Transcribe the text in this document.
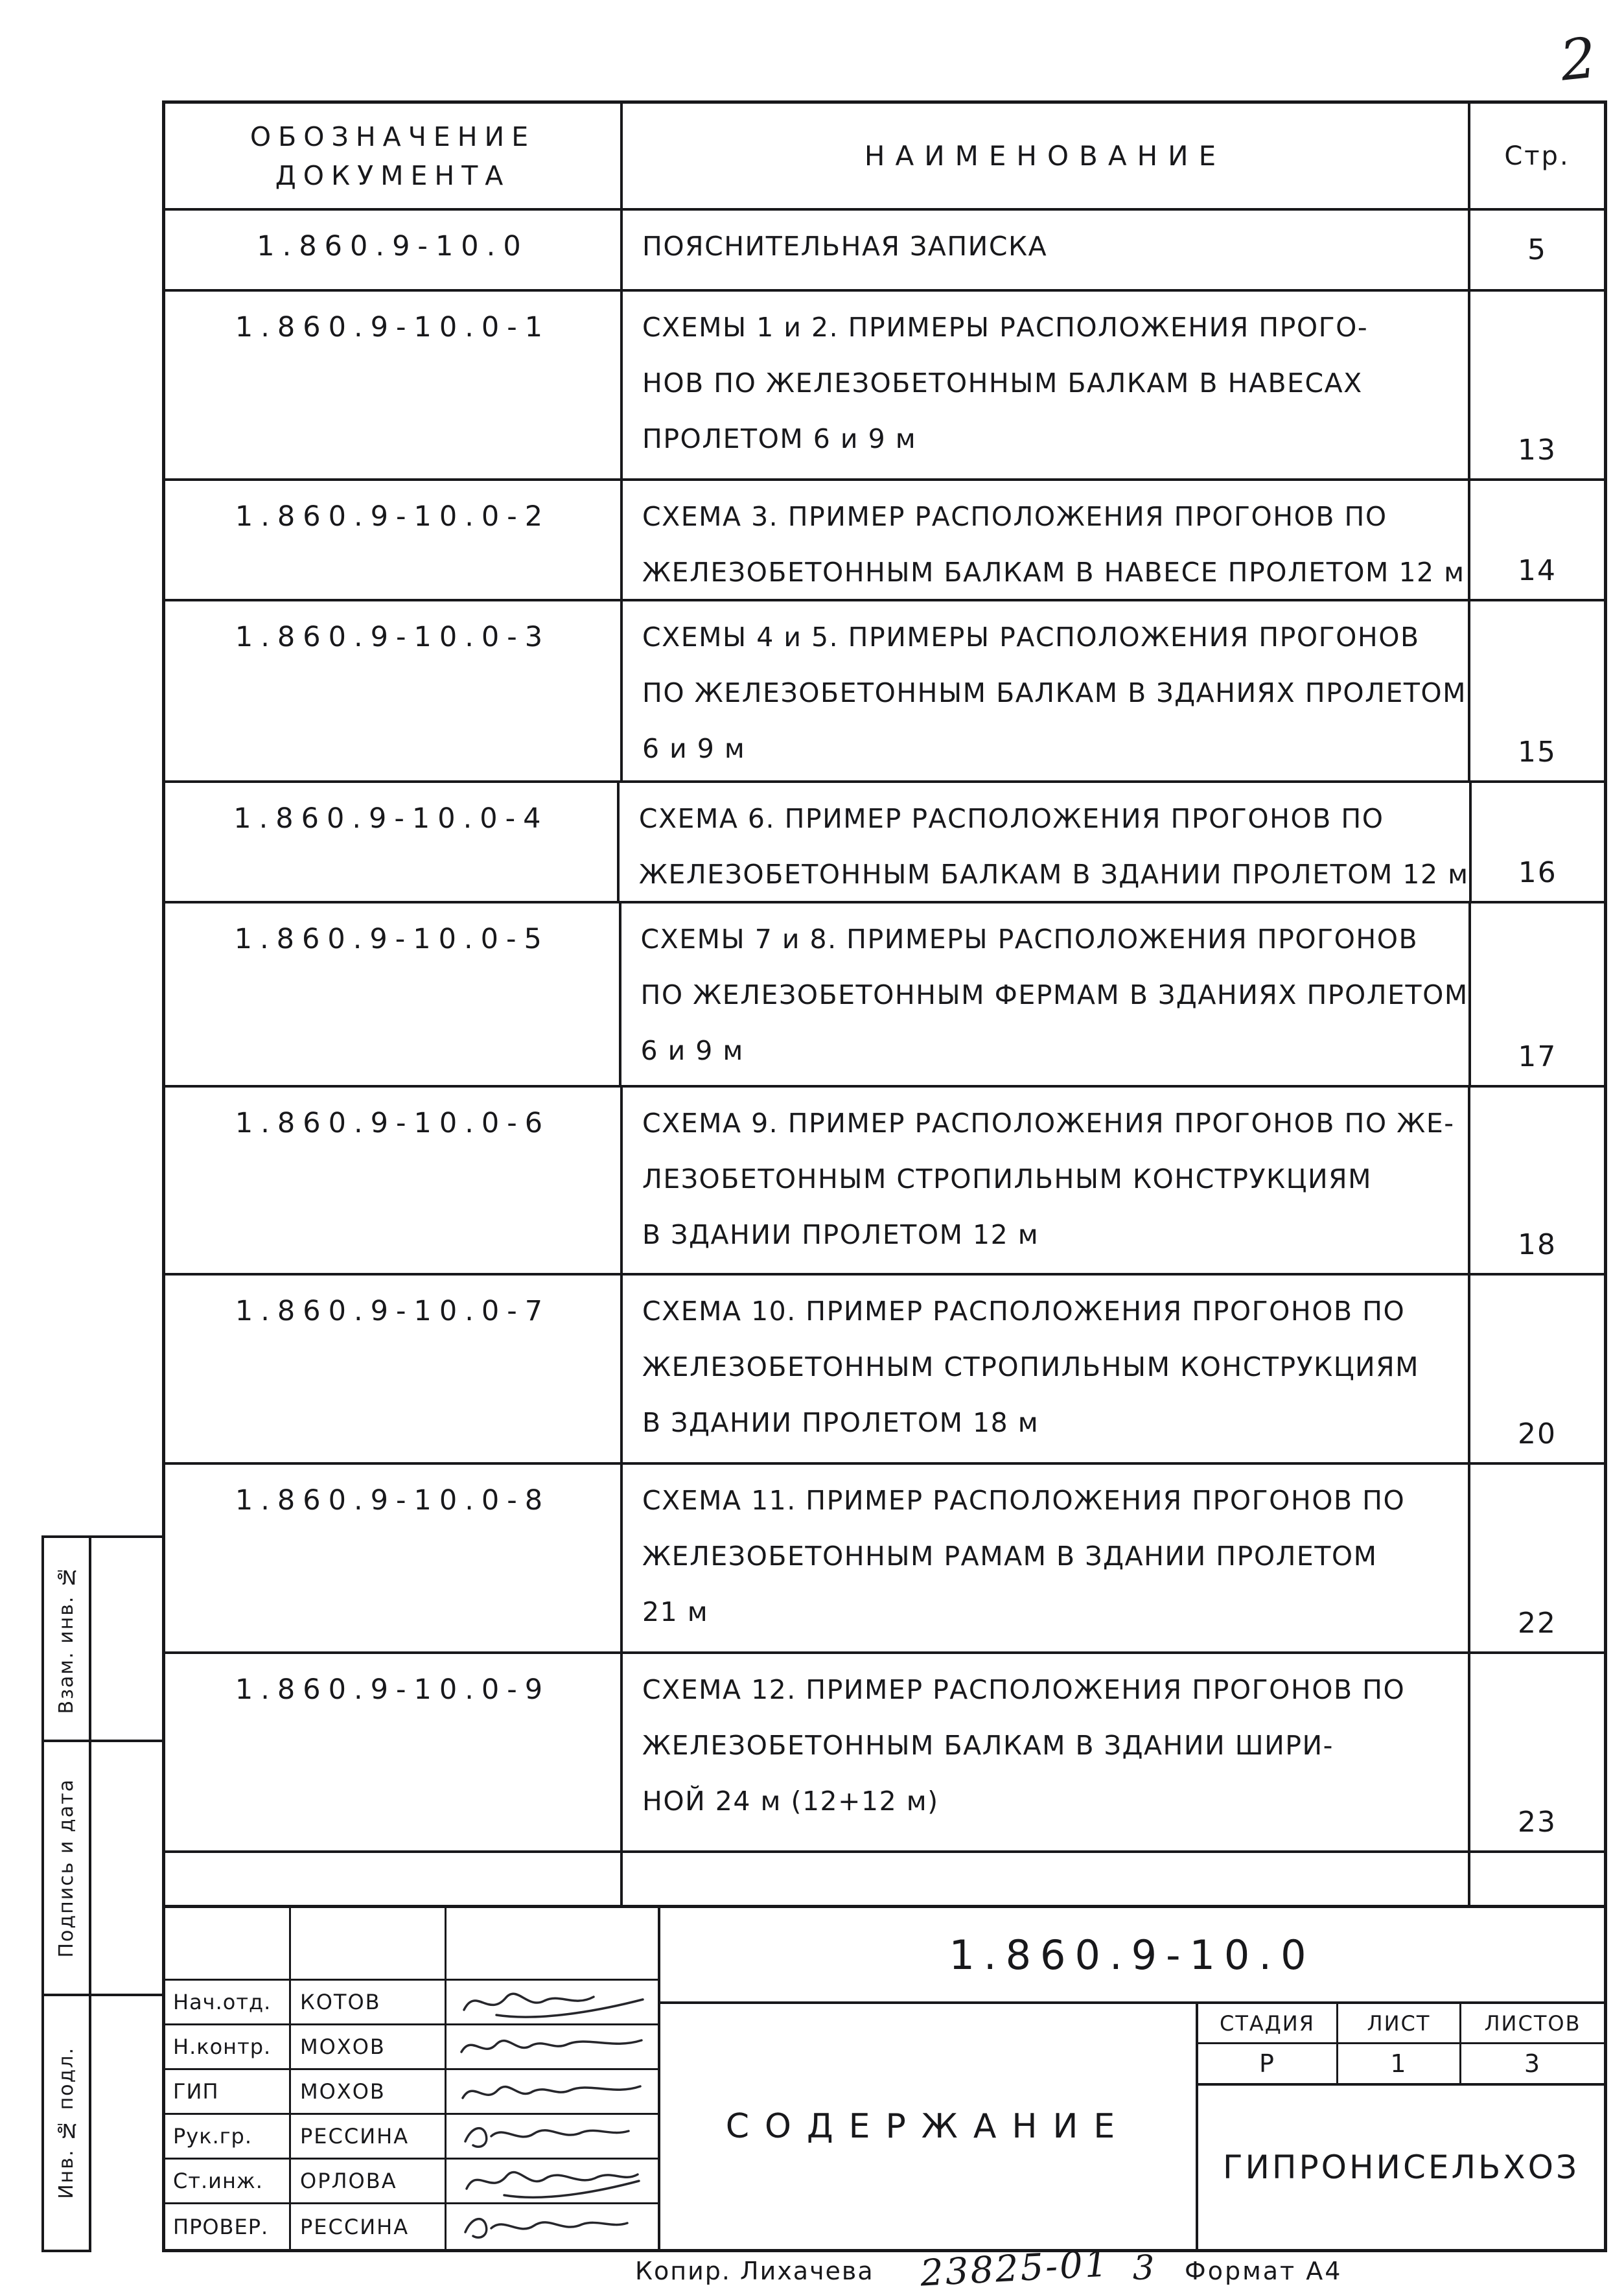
2
ОБОЗНАЧЕНИЕ
ДОКУМЕНТА
НАИМЕНОВАНИЕ	Стр.
1.860.9-10.0	ПОЯСНИТЕЛЬНАЯ ЗАПИСКА	5
1.860.9-10.0-1	СХЕМЫ 1 и 2. ПРИМЕРЫ РАСПОЛОЖЕНИЯ ПРОГО-
НОВ ПО ЖЕЛЕЗОБЕТОННЫМ БАЛКАМ В НАВЕСАХ
ПРОЛЕТОМ 6 и 9 м	13
1.860.9-10.0-2	СХЕМА 3. ПРИМЕР РАСПОЛОЖЕНИЯ ПРОГОНОВ ПО
ЖЕЛЕЗОБЕТОННЫМ БАЛКАМ В НАВЕСЕ ПРОЛЕТОМ 12 м	14
1.860.9-10.0-3	СХЕМЫ 4 и 5. ПРИМЕРЫ РАСПОЛОЖЕНИЯ ПРОГОНОВ
ПО ЖЕЛЕЗОБЕТОННЫМ БАЛКАМ В ЗДАНИЯХ ПРОЛЕТОМ
6 и 9 м	15
1.860.9-10.0-4	СХЕМА 6. ПРИМЕР РАСПОЛОЖЕНИЯ ПРОГОНОВ ПО
ЖЕЛЕЗОБЕТОННЫМ БАЛКАМ В ЗДАНИИ ПРОЛЕТОМ 12 м	16
1.860.9-10.0-5	СХЕМЫ 7 и 8. ПРИМЕРЫ РАСПОЛОЖЕНИЯ ПРОГОНОВ
ПО ЖЕЛЕЗОБЕТОННЫМ ФЕРМАМ В ЗДАНИЯХ ПРОЛЕТОМ
6 и 9 м	17
1.860.9-10.0-6	СХЕМА 9. ПРИМЕР РАСПОЛОЖЕНИЯ ПРОГОНОВ ПО ЖЕ-
ЛЕЗОБЕТОННЫМ СТРОПИЛЬНЫМ КОНСТРУКЦИЯМ
В ЗДАНИИ ПРОЛЕТОМ 12 м	18
1.860.9-10.0-7	СХЕМА 10. ПРИМЕР РАСПОЛОЖЕНИЯ ПРОГОНОВ ПО
ЖЕЛЕЗОБЕТОННЫМ СТРОПИЛЬНЫМ КОНСТРУКЦИЯМ
В ЗДАНИИ ПРОЛЕТОМ 18 м	20
1.860.9-10.0-8	СХЕМА 11. ПРИМЕР РАСПОЛОЖЕНИЯ ПРОГОНОВ ПО
ЖЕЛЕЗОБЕТОННЫМ РАМАМ В ЗДАНИИ ПРОЛЕТОМ
21 м	22
1.860.9-10.0-9	СХЕМА 12. ПРИМЕР РАСПОЛОЖЕНИЯ ПРОГОНОВ ПО
ЖЕЛЕЗОБЕТОННЫМ БАЛКАМ В ЗДАНИИ ШИРИ-
НОЙ 24 м (12+12 м)
23
Нач.отд.	КОТОВ
Н.контр.	МОХОВ
ГИП	МОХОВ
Рук.гр.	РЕССИНА
Ст.инж.	ОРЛОВА
ПРОВЕР.	РЕССИНА
1.860.9-10.0
СОДЕРЖАНИЕ
СТАДИЯ	ЛИСТ	ЛИСТОВ
Р	1	3
ГИПРОНИСЕЛЬХОЗ
Взам. инв. №
Подпись и дата
Инв. № подл.
Копир. Лихачева 23825-01 3 Формат А4
